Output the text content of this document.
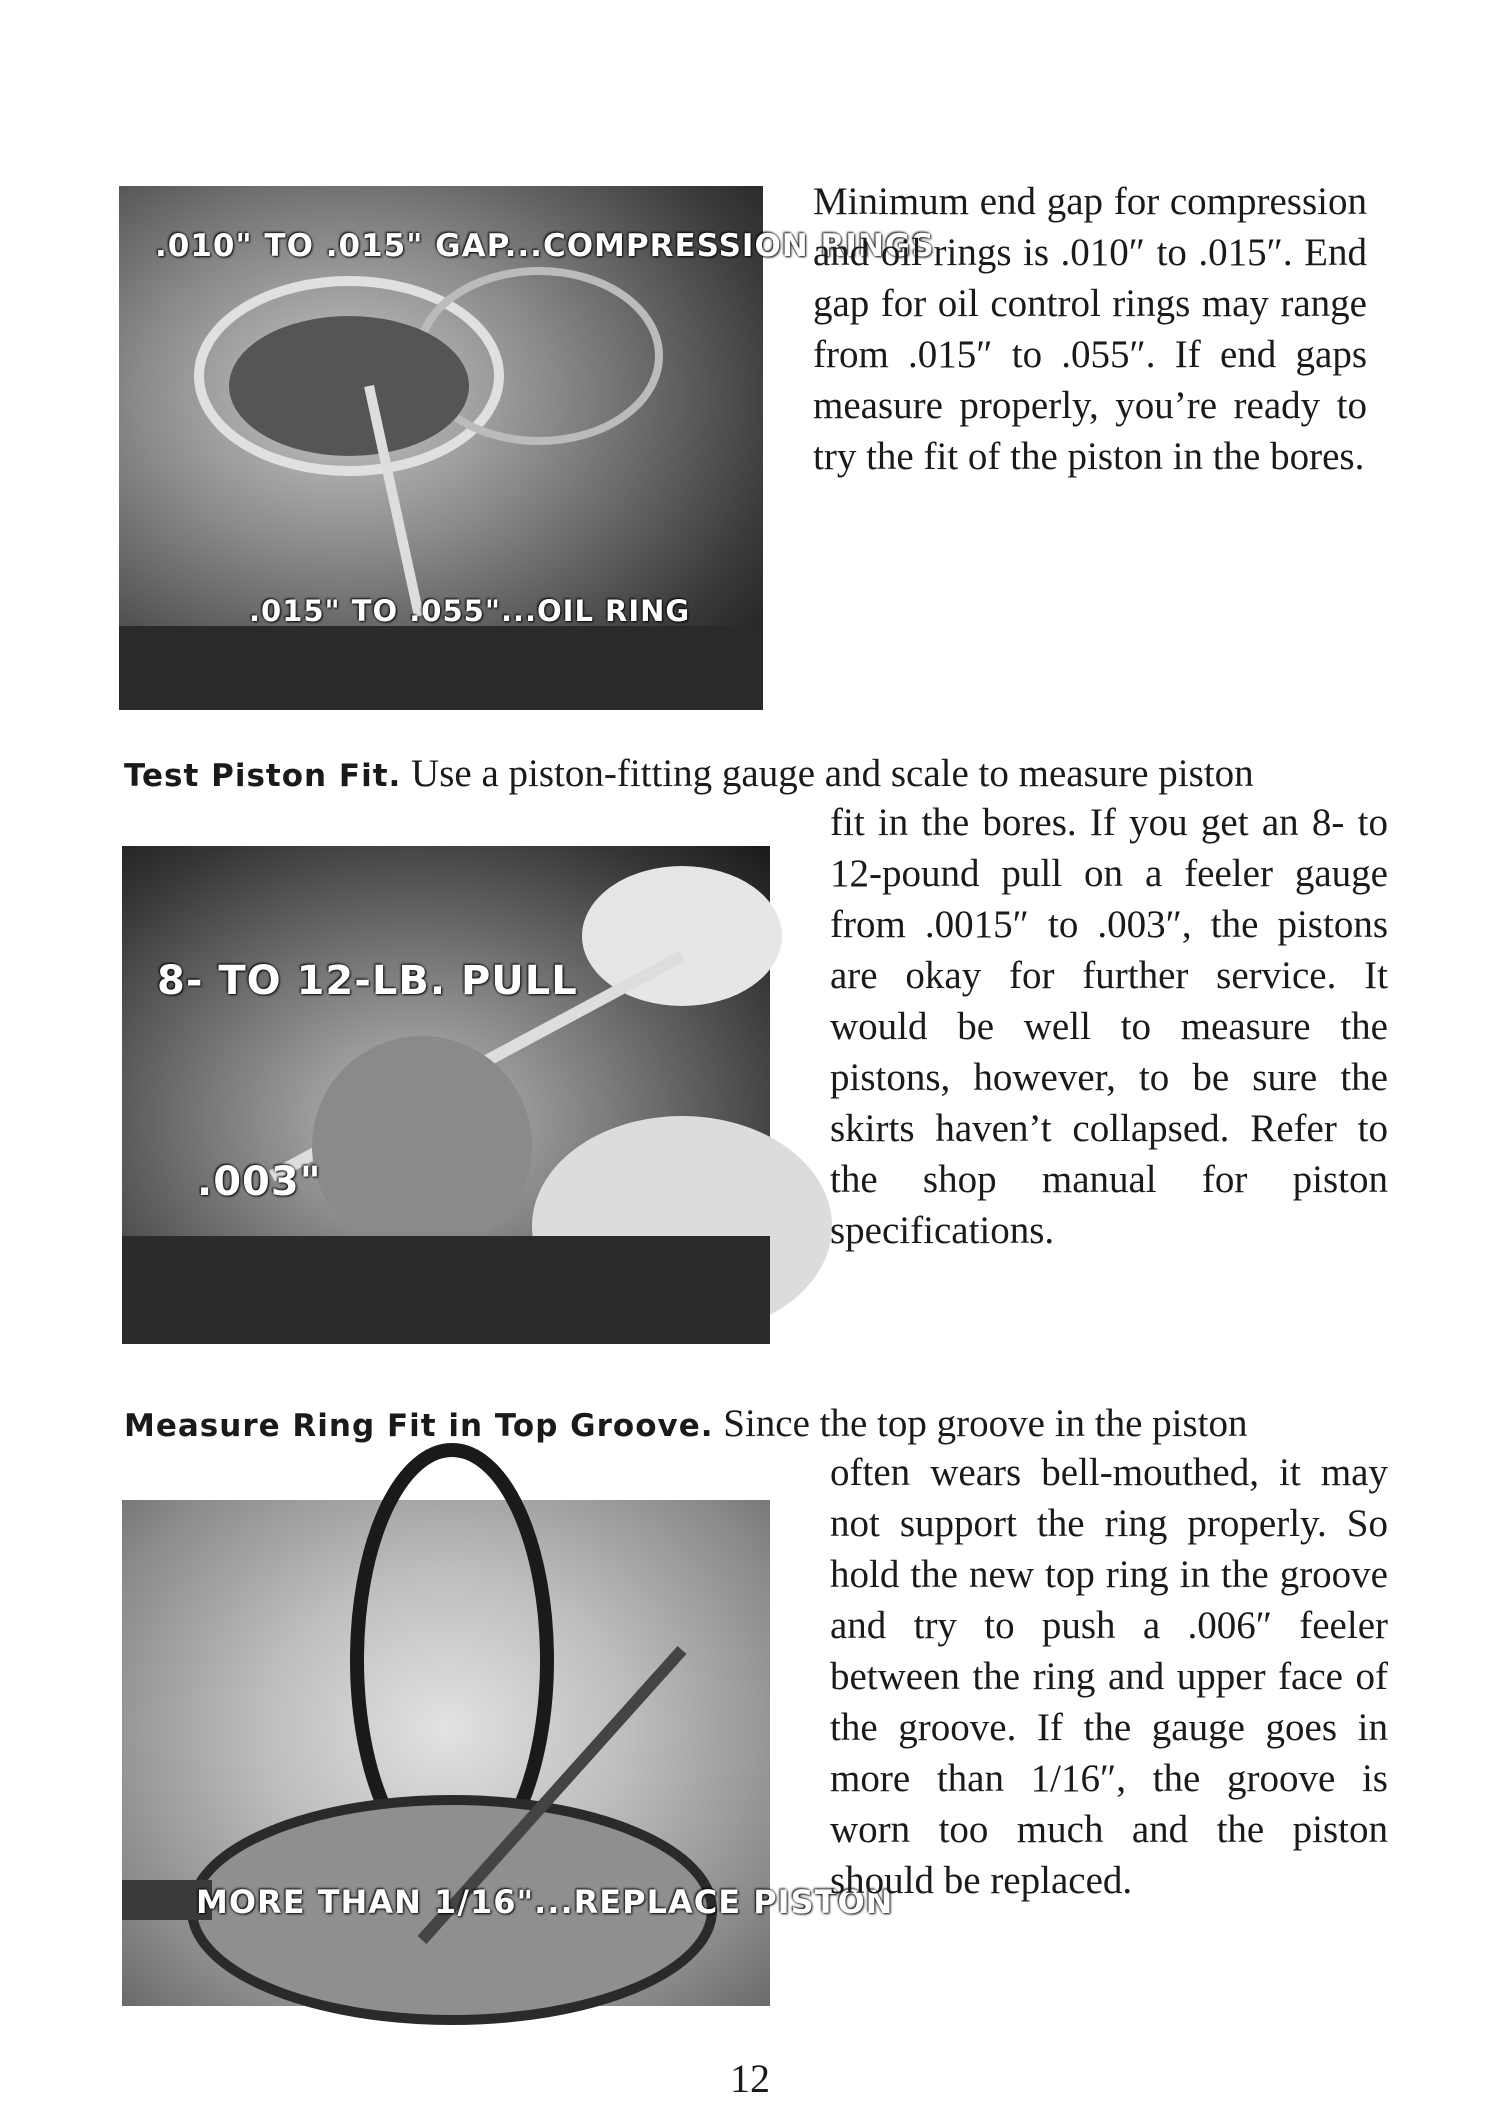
.010" TO .015" GAP...COMPRESSION RINGS
.015" TO .055"...OIL RING

Minimum end gap for compression and oil rings is .010″ to .015″. End gap for oil control rings may range from .015″ to .055″. If end gaps measure properly, you’re ready to try the fit of the piston in the bores.

Test Piston Fit. Use a piston-fitting gauge and scale to measure piston
8- TO 12-LB. PULL
.003"

fit in the bores. If you get an 8- to 12-pound pull on a feeler gauge from .0015″ to .003″, the pistons are okay for further service. It would be well to measure the pistons, however, to be sure the skirts haven’t collapsed. Refer to the shop manual for piston specifications.

Measure Ring Fit in Top Groove. Since the top groove in the piston
MORE THAN 1/16"...REPLACE PISTON

often wears bell-mouthed, it may not support the ring properly. So hold the new top ring in the groove and try to push a .006″ feeler between the ring and upper face of the groove. If the gauge goes in more than 1/16″, the groove is worn too much and the piston should be replaced.

12
